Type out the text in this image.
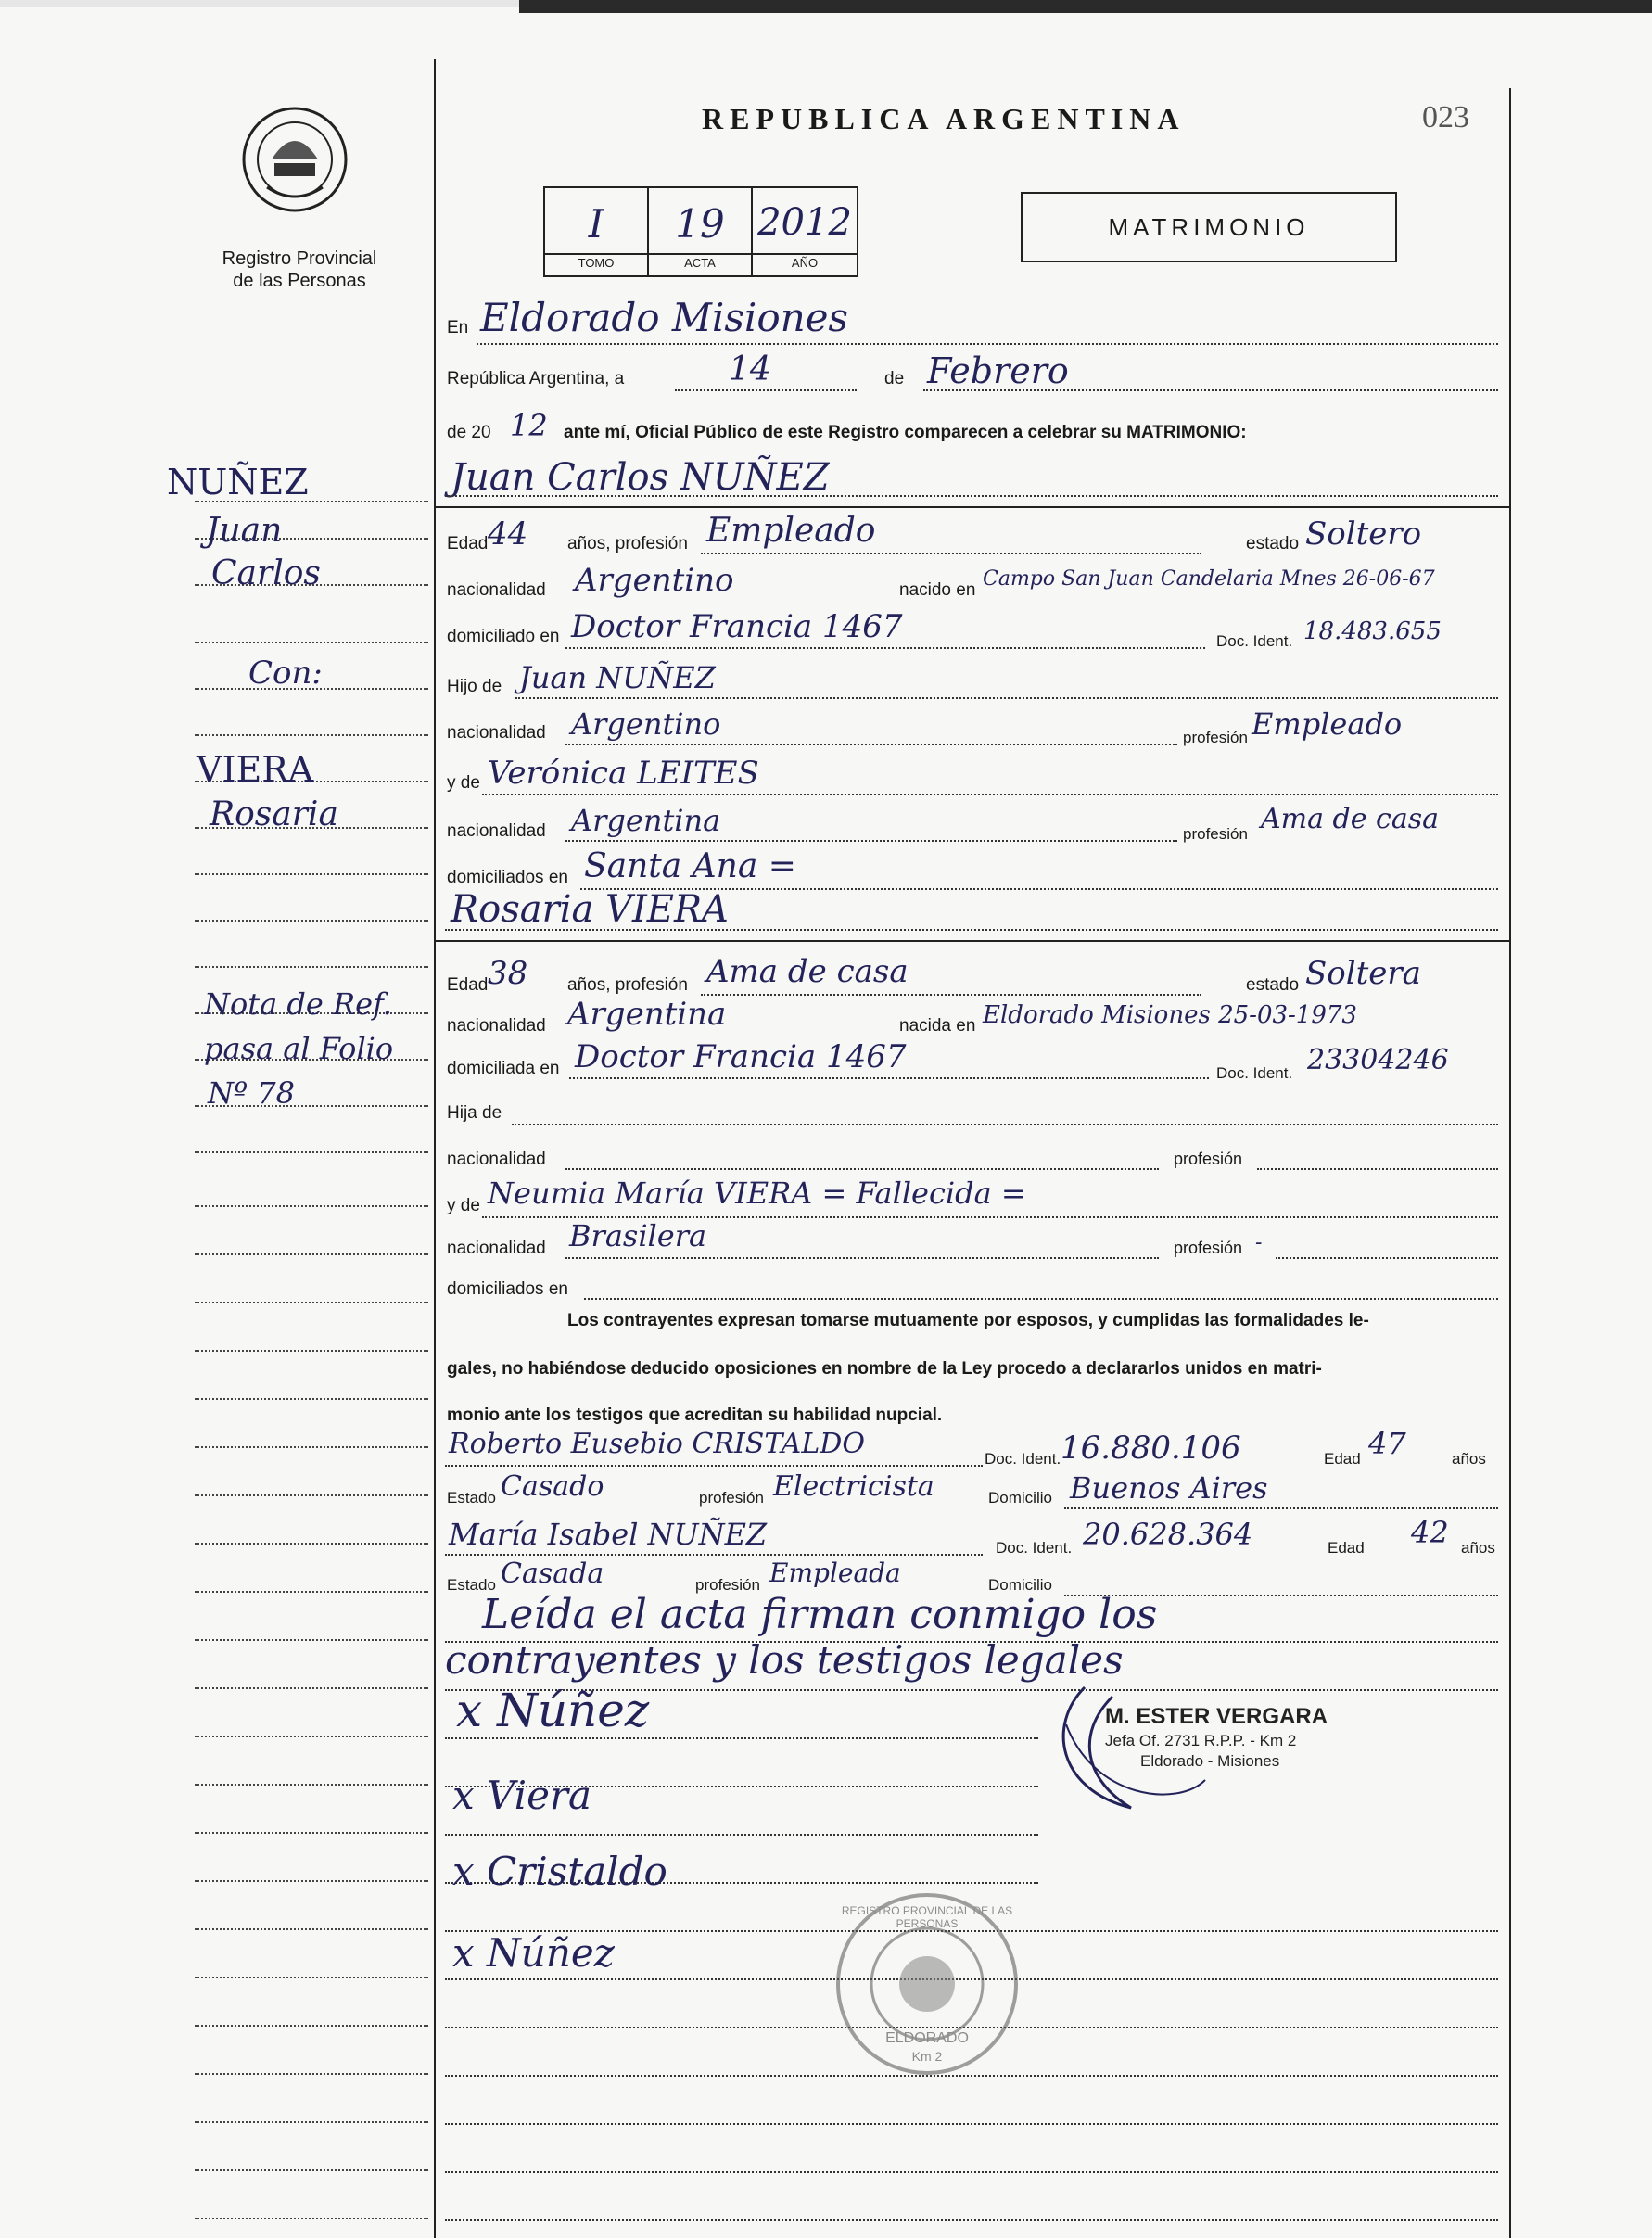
Registro Provincial
de las Personas
REPUBLICA ARGENTINA	023
I	19 2012
TOMO	ACTA	AÑO
MATRIMONIO
NUÑEZ
Juan
Carlos
Con:
VIERA
Rosaria
Nota de Ref.
pasa al Folio
Nº 78
En Eldorado Misiones
República Argentina, a	14	de Febrero
de 20 12 ante mí, Oficial Público de este Registro comparecen a celebrar su MATRIMONIO:
Juan Carlos NUÑEZ
Edad 44 años, profesión Empleado	estado Soltero
nacionalidad Argentino	nacido en Campo San Juan Candelaria Mnes 26-06-67
domiciliado en Doctor Francia 1467	Doc. Ident. 18.483.655
Hijo de Juan NUÑEZ
nacionalidad Argentino	profesión Empleado
y de Verónica LEITES
nacionalidad Argentina	profesión Ama de casa
domiciliados en Santa Ana =
Rosaria VIERA
Edad 38 años, profesión Ama de casa	estado Soltera
nacionalidad Argentina	nacida en Eldorado Misiones 25-03-1973
domiciliada en Doctor Francia 1467	Doc. Ident. 23304246
Hija de
nacionalidad	profesión
y de Neumia María VIERA = Fallecida =
nacionalidad Brasilera	profesión -
domiciliados en
Los contrayentes expresan tomarse mutuamente por esposos, y cumplidas las formalidades le-
gales, no habiéndose deducido oposiciones en nombre de la Ley procedo a declararlos unidos en matri-
monio ante los testigos que acreditan su habilidad nupcial.
Roberto Eusebio CRISTALDO	Doc. Ident. 16.880.106	Edad 47	años
Estado Casado	profesión Electricista	Domicilio Buenos Aires
María Isabel NUÑEZ	Doc. Ident. 20.628.364	Edad 42 años
Estado Casada	profesión Empleada	Domicilio
Leída el acta firman conmigo los
contrayentes y los testigos legales
x Núñez
x Viera
x Cristaldo
x Núñez
M. ESTER VERGARA
Jefa Of. 2731 R.P.P. - Km 2
Eldorado - Misiones
REGISTRO PROVINCIAL DE LAS PERSONAS
ELDORADO
Km 2
